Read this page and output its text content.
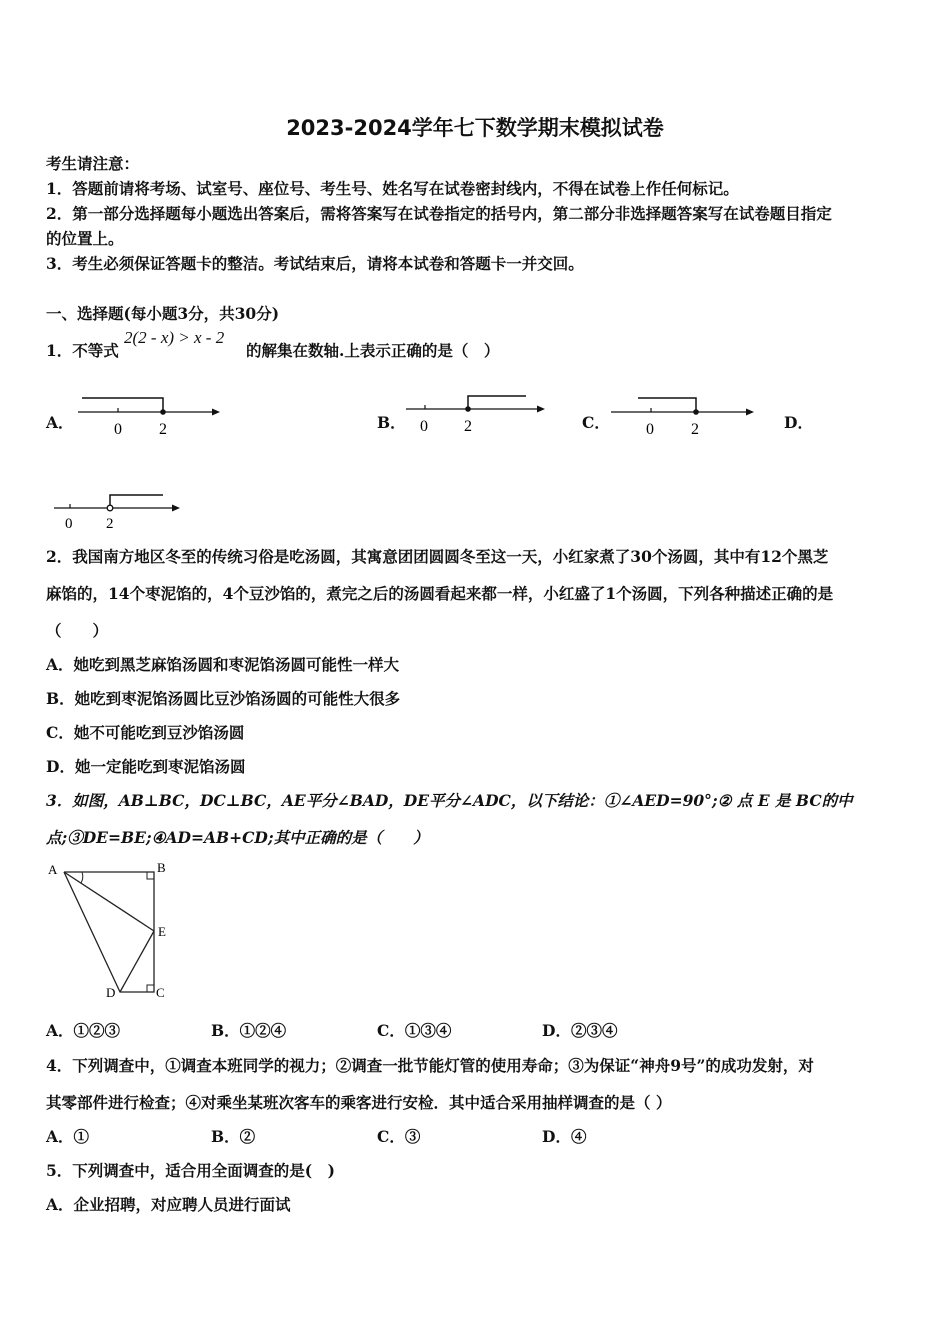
2023-2024学年七下数学期末模拟试卷
考生请注意：
1．答题前请将考场、试室号、座位号、考生号、姓名写在试卷密封线内，不得在试卷上作任何标记。
2．第一部分选择题每小题选出答案后，需将答案写在试卷指定的括号内，第二部分非选择题答案写在试卷题目指定
的位置上。
3．考生必须保证答题卡的整洁。考试结束后，请将本试卷和答题卡一并交回。
一、选择题(每小题3分，共30分)
1．不等式
2(2 - x) > x - 2
的解集在数轴.上表示正确的是（　）
A．	0 2	B． 0 2	C． 0 2	D．
0 2
2．我国南方地区冬至的传统习俗是吃汤圆，其寓意团团圆圆冬至这一天，小红家煮了30个汤圆，其中有12个黑芝
麻馅的，14个枣泥馅的，4个豆沙馅的，煮完之后的汤圆看起来都一样，小红盛了1个汤圆，下列各种描述正确的是
（　　）
A．她吃到黑芝麻馅汤圆和枣泥馅汤圆可能性一样大
B．她吃到枣泥馅汤圆比豆沙馅汤圆的可能性大很多
C．她不可能吃到豆沙馅汤圆
D．她一定能吃到枣泥馅汤圆
3．如图，AB⊥BC，DC⊥BC，AE平分∠BAD，DE平分∠ADC，以下结论：①∠AED=90°;② 点 E 是 BC的中
点;③DE=BE;④AD=AB+CD;其中正确的是（　　）
A	B
E
D	C
A．①②③	B．①②④	C．①③④	D．②③④
4．下列调查中，①调查本班同学的视力；②调查一批节能灯管的使用寿命；③为保证“神舟9号”的成功发射，对
其零部件进行检查；④对乘坐某班次客车的乘客进行安检．其中适合采用抽样调查的是（ ）
A．①	B．②	C．③	D．④
5．下列调查中，适合用全面调查的是(　)
A．企业招聘，对应聘人员进行面试
